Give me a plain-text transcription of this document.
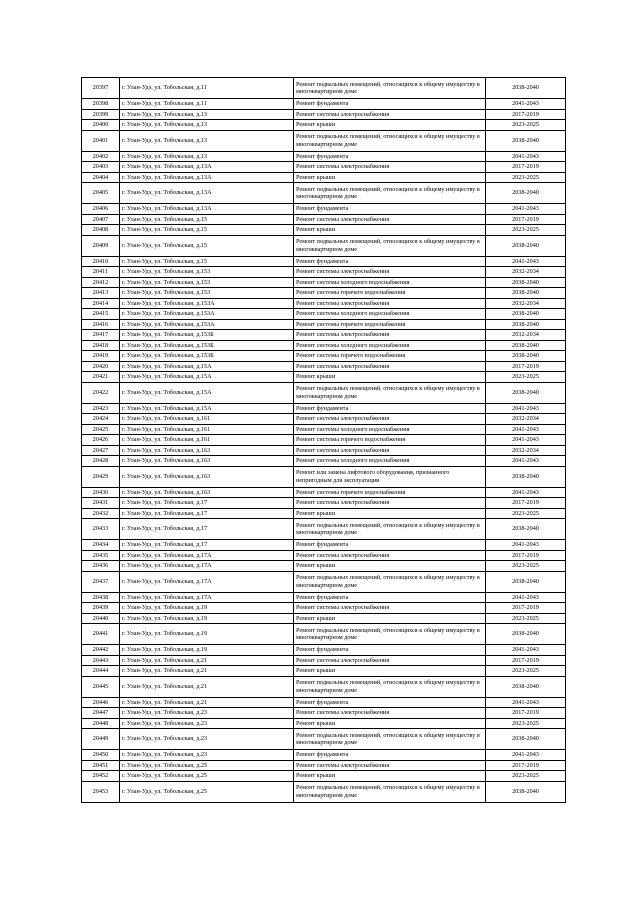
20397	г. Улан-Удэ, ул. Тобольская, д.11	Ремонт подвальных помещений, относящихся к общему имуществу в многоквартирном доме	2038-2040
20398	г. Улан-Удэ, ул. Тобольская, д.11	Ремонт фундамента	2041-2043
20399	г. Улан-Удэ, ул. Тобольская, д.13	Ремонт системы электроснабжения	2017-2019
20400	г. Улан-Удэ, ул. Тобольская, д.13	Ремонт крыши	2023-2025
20401	г. Улан-Удэ, ул. Тобольская, д.13	Ремонт подвальных помещений, относящихся к общему имуществу в многоквартирном доме	2038-2040
20402	г. Улан-Удэ, ул. Тобольская, д.13	Ремонт фундамента	2041-2043
20403	г. Улан-Удэ, ул. Тобольская, д.13А	Ремонт системы электроснабжения	2017-2019
20404	г. Улан-Удэ, ул. Тобольская, д.13А	Ремонт крыши	2023-2025
20405	г. Улан-Удэ, ул. Тобольская, д.13А	Ремонт подвальных помещений, относящихся к общему имуществу в многоквартирном доме	2038-2040
20406	г. Улан-Удэ, ул. Тобольская, д.13А	Ремонт фундамента	2041-2043
20407	г. Улан-Удэ, ул. Тобольская, д.15	Ремонт системы электроснабжения	2017-2019
20408	г. Улан-Удэ, ул. Тобольская, д.15	Ремонт крыши	2023-2025
20409	г. Улан-Удэ, ул. Тобольская, д.15	Ремонт подвальных помещений, относящихся к общему имуществу в многоквартирном доме	2038-2040
20410	г. Улан-Удэ, ул. Тобольская, д.15	Ремонт фундамента	2041-2043
20411	г. Улан-Удэ, ул. Тобольская, д.153	Ремонт системы электроснабжения	2032-2034
20412	г. Улан-Удэ, ул. Тобольская, д.153	Ремонт системы холодного водоснабжения	2038-2040
20413	г. Улан-Удэ, ул. Тобольская, д.153	Ремонт системы горячего водоснабжения	2038-2040
20414	г. Улан-Удэ, ул. Тобольская, д.153А	Ремонт системы электроснабжения	2032-2034
20415	г. Улан-Удэ, ул. Тобольская, д.153А	Ремонт системы холодного водоснабжения	2038-2040
20416	г. Улан-Удэ, ул. Тобольская, д.153А	Ремонт системы горячего водоснабжения	2038-2040
20417	г. Улан-Удэ, ул. Тобольская, д.153Б	Ремонт системы электроснабжения	2032-2034
20418	г. Улан-Удэ, ул. Тобольская, д.153Б	Ремонт системы холодного водоснабжения	2038-2040
20419	г. Улан-Удэ, ул. Тобольская, д.153Б	Ремонт системы горячего водоснабжения	2038-2040
20420	г. Улан-Удэ, ул. Тобольская, д.15А	Ремонт системы электроснабжения	2017-2019
20421	г. Улан-Удэ, ул. Тобольская, д.15А	Ремонт крыши	2023-2025
20422	г. Улан-Удэ, ул. Тобольская, д.15А	Ремонт подвальных помещений, относящихся к общему имуществу в многоквартирном доме	2038-2040
20423	г. Улан-Удэ, ул. Тобольская, д.15А	Ремонт фундамента	2041-2043
20424	г. Улан-Удэ, ул. Тобольская, д.161	Ремонт системы электроснабжения	2032-2034
20425	г. Улан-Удэ, ул. Тобольская, д.161	Ремонт системы холодного водоснабжения	2041-2043
20426	г. Улан-Удэ, ул. Тобольская, д.161	Ремонт системы горячего водоснабжения	2041-2043
20427	г. Улан-Удэ, ул. Тобольская, д.163	Ремонт системы электроснабжения	2032-2034
20428	г. Улан-Удэ, ул. Тобольская, д.163	Ремонт системы холодного водоснабжения	2041-2043
20429	г. Улан-Удэ, ул. Тобольская, д.163	Ремонт или замена лифтового оборудования, признанного непригодным для эксплуатации	2038-2040
20430	г. Улан-Удэ, ул. Тобольская, д.163	Ремонт системы горячего водоснабжения	2041-2043
20431	г. Улан-Удэ, ул. Тобольская, д.17	Ремонт системы электроснабжения	2017-2019
20432	г. Улан-Удэ, ул. Тобольская, д.17	Ремонт крыши	2023-2025
20433	г. Улан-Удэ, ул. Тобольская, д.17	Ремонт подвальных помещений, относящихся к общему имуществу в многоквартирном доме	2038-2040
20434	г. Улан-Удэ, ул. Тобольская, д.17	Ремонт фундамента	2041-2043
20435	г. Улан-Удэ, ул. Тобольская, д.17А	Ремонт системы электроснабжения	2017-2019
20436	г. Улан-Удэ, ул. Тобольская, д.17А	Ремонт крыши	2023-2025
20437	г. Улан-Удэ, ул. Тобольская, д.17А	Ремонт подвальных помещений, относящихся к общему имуществу в многоквартирном доме	2038-2040
20438	г. Улан-Удэ, ул. Тобольская, д.17А	Ремонт фундамента	2041-2043
20439	г. Улан-Удэ, ул. Тобольская, д.19	Ремонт системы электроснабжения	2017-2019
20440	г. Улан-Удэ, ул. Тобольская, д.19	Ремонт крыши	2023-2025
20441	г. Улан-Удэ, ул. Тобольская, д.19	Ремонт подвальных помещений, относящихся к общему имуществу в многоквартирном доме	2038-2040
20442	г. Улан-Удэ, ул. Тобольская, д.19	Ремонт фундамента	2041-2043
20443	г. Улан-Удэ, ул. Тобольская, д.21	Ремонт системы электроснабжения	2017-2019
20444	г. Улан-Удэ, ул. Тобольская, д.21	Ремонт крыши	2023-2025
20445	г. Улан-Удэ, ул. Тобольская, д.21	Ремонт подвальных помещений, относящихся к общему имуществу в многоквартирном доме	2038-2040
20446	г. Улан-Удэ, ул. Тобольская, д.21	Ремонт фундамента	2041-2043
20447	г. Улан-Удэ, ул. Тобольская, д.23	Ремонт системы электроснабжения	2017-2019
20448	г. Улан-Удэ, ул. Тобольская, д.23	Ремонт крыши	2023-2025
20449	г. Улан-Удэ, ул. Тобольская, д.23	Ремонт подвальных помещений, относящихся к общему имуществу в многоквартирном доме	2038-2040
20450	г. Улан-Удэ, ул. Тобольская, д.23	Ремонт фундамента	2041-2043
20451	г. Улан-Удэ, ул. Тобольская, д.25	Ремонт системы электроснабжения	2017-2019
20452	г. Улан-Удэ, ул. Тобольская, д.25	Ремонт крыши	2023-2025
20453	г. Улан-Удэ, ул. Тобольская, д.25	Ремонт подвальных помещений, относящихся к общему имуществу в многоквартирном доме	2038-2040
